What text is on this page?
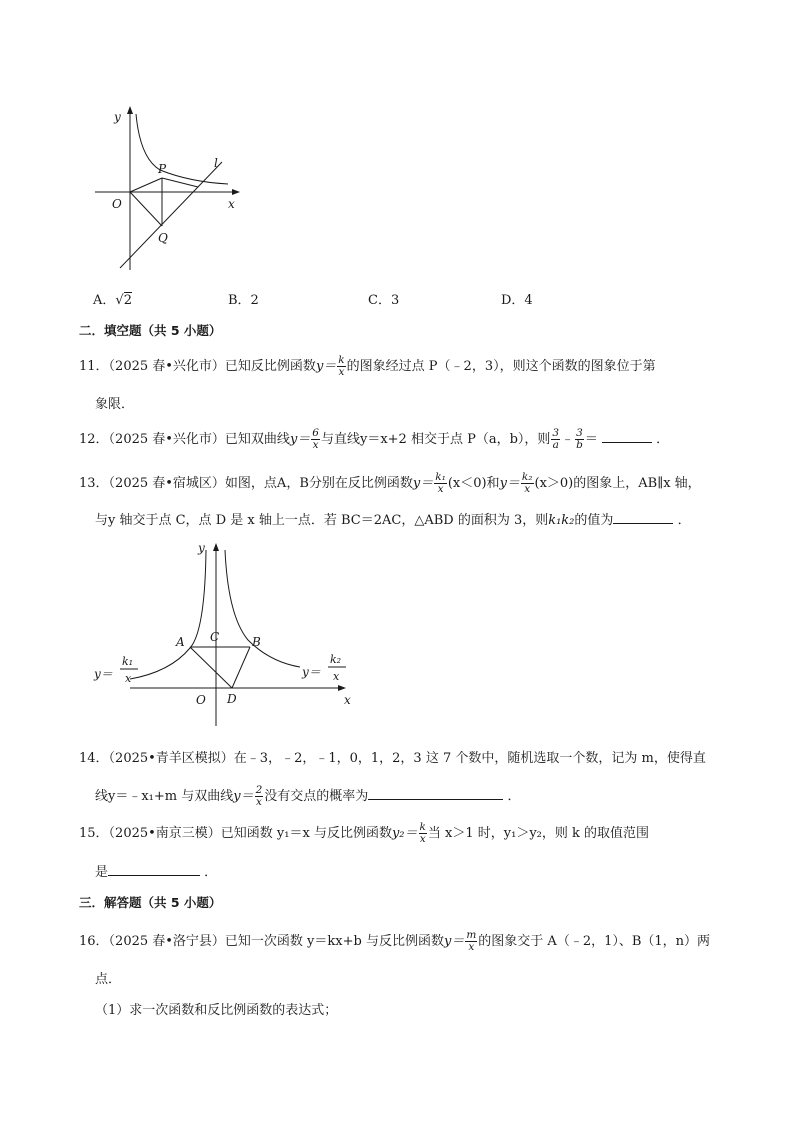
y
x
O
P
Q
l
A．√2	B．2	C．3	D．4
二．填空题（共 5 小题）
11．（2025 春•兴化市）已知反比例函数$y= \frac{k}{x}$ 的图象经过点 P（﹣2，3），则这个函数的图象位于第
象限．
12．（2025 春•兴化市）已知双曲线$y= \frac{6}{x}$ 与直线y＝x+2 相交于点 P（a，b），则 $\frac{3}{a}$ ﹣ $\frac{3}{b}$ ＝	．
13．（2025 春•宿城区）如图，点A，B分别在反比例函数$y= \frac{\text{k₁}}{x} (x<0)$和$y= \frac{\text{k₂}}{x} (x>0)$的图象上，AB∥x 轴，
与y 轴交于点 C，点 D 是 x 轴上一点．若 BC＝2AC，△ABD 的面积为 3，则k₁k₂的值为	．
y
x
O
A	B
C
D
y＝
k₁
x	y＝
k₂
x
14．（2025•青羊区模拟）在﹣3，﹣2，﹣1，0，1，2，3 这 7 个数中，随机选取一个数，记为 m，使得直
线y＝﹣x₁+m 与双曲线$y= \frac{2}{x}$ 没有交点的概率为	．
15．（2025•南京三模）已知函数 y₁＝x 与反比例函数$y_2= \frac{k}{x}$ 当 x＞1 时，y₁＞y₂，则 k 的取值范围
是	．
三．解答题（共 5 小题）
16．（2025 春•洛宁县）已知一次函数 y＝kx+b 与反比例函数$y= \frac{m}{x}$ 的图象交于 A（﹣2，1）、B（1，n）两
点．
（1）求一次函数和反比例函数的表达式；
